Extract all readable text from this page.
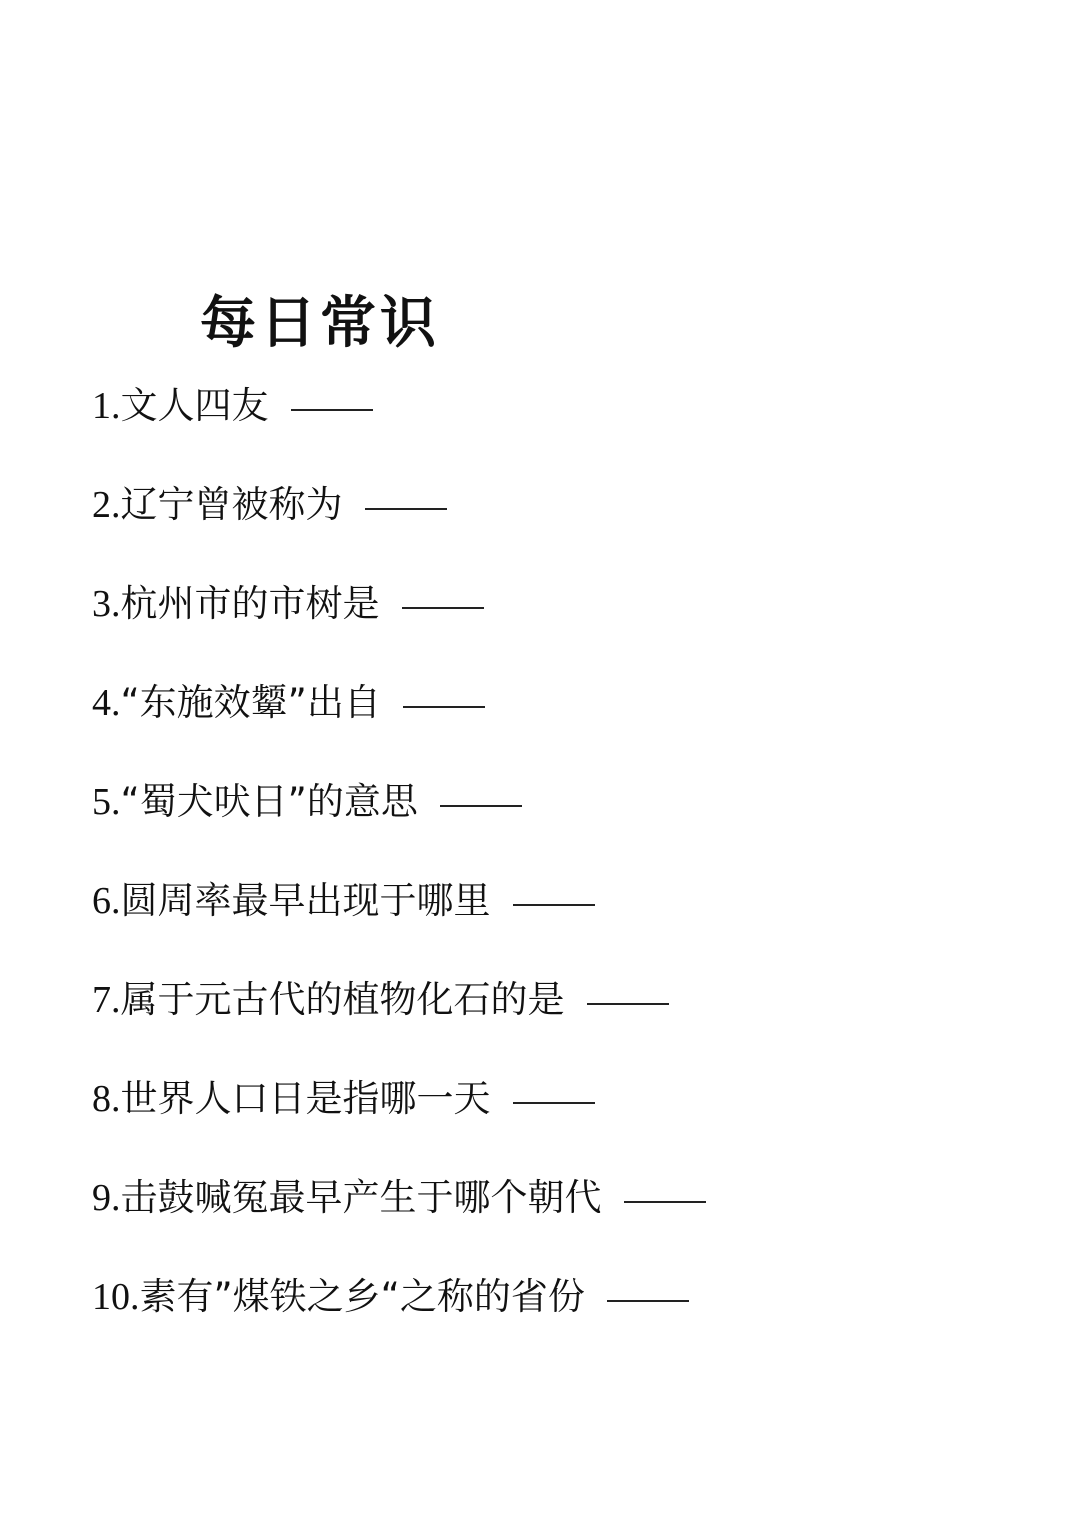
每日常识
1. 文人四友
2. 辽宁曾被称为
3. 杭州市的市树是
4. “东施效颦”出自
5. “蜀犬吠日”的意思
6. 圆周率最早出现于哪里
7. 属于元古代的植物化石的是
8. 世界人口日是指哪一天
9. 击鼓喊冤最早产生于哪个朝代
10. 素有”煤铁之乡“之称的省份
